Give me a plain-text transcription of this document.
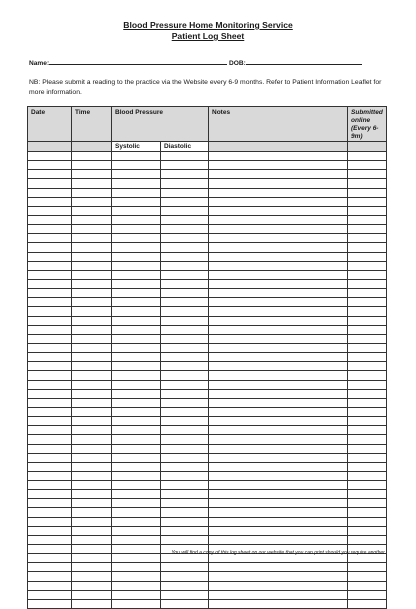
Blood Pressure Home Monitoring Service
Patient Log Sheet
Name:	DOB:
NB: Please submit a reading to the practice via the Website every 6-9 months. Refer to Patient Information Leaflet for more information.
Date	Time	Blood Pressure		Notes	Submitted online (Every 6-9m)
		Systolic	Diastolic		

You will find a copy of this log sheet on our website that you can print should you require another.
